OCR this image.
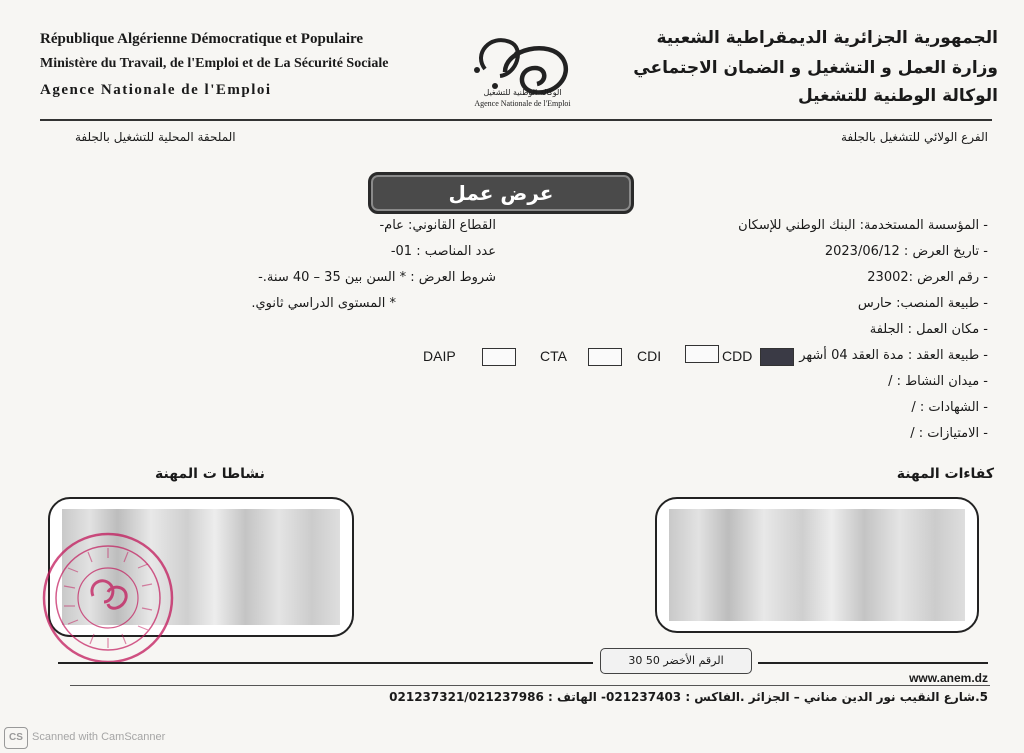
République Algérienne Démocratique et Populaire
Ministère du Travail, de l'Emploi et de La Sécurité Sociale
Agence Nationale de l'Emploi	الوكالة الوطنية للتشغيل
Agence Nationale de l'Emploi
الجمهورية الجزائرية الديمقراطية الشعبية
وزارة العمل و التشغيل و الضمان الاجتماعي
الوكالة الوطنية للتشغيل
الملحقة المحلية للتشغيل بالجلفة	الفرع الولائي للتشغيل بالجلفة
عرض عمل
- المؤسسة المستخدمة: البنك الوطني للإسكان
- تاريخ العرض : 2023/06/12
- رقم العرض :23002
- طبيعة المنصب: حارس
- مكان العمل : الجلفة
- طبيعة العقد : مدة العقد 04 أشهر
- ميدان النشاط : /
- الشهادات : /
- الامتيازات : /
القطاع القانوني: عام-
عدد المناصب : 01-
شروط العرض : * السن بين 35 – 40 سنة.-
* المستوى الدراسي ثانوي.
DAIP	CTA	CDI	CDD
نشاطا ت المهنة	كفاءات المهنة
الرقم الأخضر 50 30
www.anem.dz
5.شارع النقيب نور الدين مناني – الجزائر .الفاكس : 021237403- الهاتف : 021237321/021237986
CS Scanned with CamScanner
